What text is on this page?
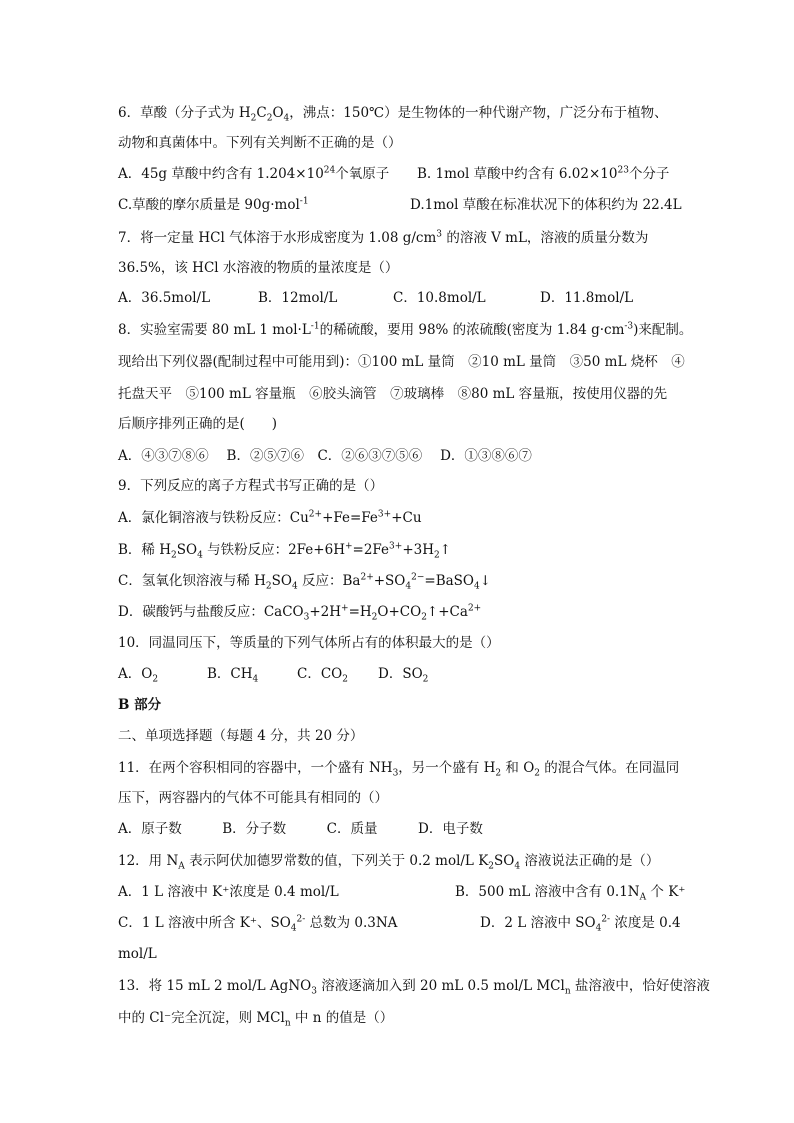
6．草酸（分子式为 $H_2C_2O_4$，沸点：150℃）是生物体的一种代谢产物，广泛分布于植物、
动物和真菌体中。下列有关判断不正确的是（）
A．45g 草酸中约含有 $1.204\times 10^{24}$个氧原子 B. 1mol 草酸中约含有 $6.02\times 10^{23}$个分子
C.草酸的摩尔质量是 90g·mol$^{-1}$	D.1mol 草酸在标准状况下的体积约为 22.4L
7．将一定量 HCl 气体溶于水形成密度为 1.08 $g/cm^3$ 的溶液 V mL，溶液的质量分数为
36.5%，该 HCl 水溶液的物质的量浓度是（）
A．36.5mol/L	B．12mol/L	C．10.8mol/L	D．11.8mol/L
8．实验室需要 80 mL 1 $mol\cdot L^{-1}$的稀硫酸，要用 98% 的浓硫酸(密度为 1.84 $g\cdot cm^{-3}$)来配制。
现给出下列仪器(配制过程中可能用到)：①100 mL 量筒　②10 mL 量筒　③50 mL 烧杯　④
托盘天平　⑤100 mL 容量瓶　⑥胶头滴管　⑦玻璃棒　⑧80 mL 容量瓶，按使用仪器的先
后顺序排列正确的是(　　)
A．④③⑦⑧⑥　 B．②⑤⑦⑥　C．②⑥③⑦⑤⑥　 D．①③⑧⑥⑦
9．下列反应的离子方程式书写正确的是（）
A．氯化铜溶液与铁粉反应：$Cu^{2+}+Fe=Fe^{3+}+Cu$
B．稀 $H_2SO_4$ 与铁粉反应：$2Fe+6H^+=2Fe^{3+}+3H_2↑$
C．氢氧化钡溶液与稀 $H_2SO_4$ 反应：$Ba^{2+}+SO_4^{2-}=BaSO_4↓$
D．碳酸钙与盐酸反应：$CaCO_3+2H^+=H_2O+CO_2↑+Ca^{2+}$
10．同温同压下，等质量的下列气体所占有的体积最大的是（）
A．$O_2$	B．$CH_4$	C．$CO_2$ D．$SO_2$
B 部分
二、单项选择题（每题 4 分，共 20 分）
11．在两个容积相同的容器中，一个盛有 $NH_3$，另一个盛有 $H_2$ 和 $O_2$ 的混合气体。在同温同
压下，两容器内的气体不可能具有相同的（）
A．原子数　　　B．分子数　　　C．质量　　　D．电子数
12．用 $N_A$ 表示阿伏加德罗常数的值，下列关于 0.2 mol/L $K_2SO_4$ 溶液说法正确的是（）
A．1 L 溶液中 K⁺浓度是 0.4 mol/L	B．500 mL 溶液中含有 $0.1N_A$ 个 K⁺
C．1 L 溶液中所含 K⁺、$SO_4^{2-}$ 总数为 0.3NA	D．2 L 溶液中 $SO_4^{2-}$ 浓度是 0.4
mol/L
13．将 15 mL 2 mol/L AgNO$_3$ 溶液逐滴加入到 20 mL 0.5 mol/L MCl$_n$ 盐溶液中，恰好使溶液
中的 Cl⁻完全沉淀，则 MCl$_n$ 中 n 的值是（）
